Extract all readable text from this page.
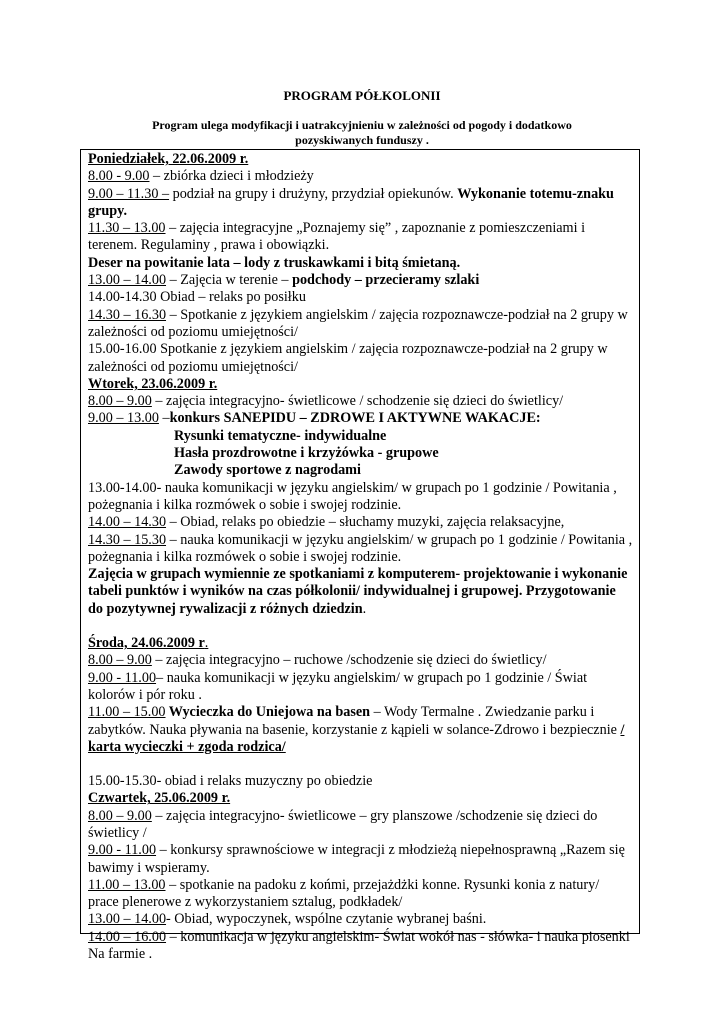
PROGRAM PÓŁKOLONII
Program ulega modyfikacji i uatrakcyjnieniu w zależności od pogody i dodatkowo
pozyskiwanych funduszy .

Poniedziałek, 22.06.2009 r.

8.00 - 9.00 – zbiórka dzieci i młodzieży

9.00 – 11.30 – podział na grupy i drużyny, przydział opiekunów. Wykonanie totemu-znaku grupy.

11.30 – 13.00 – zajęcia integracyjne „Poznajemy się” , zapoznanie z pomieszczeniami i terenem. Regulaminy , prawa i obowiązki.

Deser na powitanie lata – lody z truskawkami i bitą śmietaną.

13.00 – 14.00 – Zajęcia w terenie – podchody – przecieramy szlaki

14.00-14.30 Obiad – relaks po posiłku

14.30 – 16.30 – Spotkanie z językiem angielskim / zajęcia rozpoznawcze-podział na 2 grupy w zależności od poziomu umiejętności/

15.00-16.00 Spotkanie z językiem angielskim / zajęcia rozpoznawcze-podział na 2 grupy w zależności od poziomu umiejętności/

Wtorek, 23.06.2009 r.

8.00 – 9.00 – zajęcia integracyjno- świetlicowe / schodzenie się dzieci do świetlicy/

9.00 – 13.00 –konkurs SANEPIDU – ZDROWE I AKTYWNE WAKACJE:

Rysunki tematyczne- indywidualne

Hasła prozdrowotne i krzyżówka - grupowe

Zawody sportowe z nagrodami

13.00-14.00- nauka komunikacji w języku angielskim/ w grupach po 1 godzinie / Powitania , pożegnania i kilka rozmówek o sobie i swojej rodzinie.

14.00 – 14.30 – Obiad, relaks po obiedzie – słuchamy muzyki, zajęcia relaksacyjne,

14.30 – 15.30 – nauka komunikacji w języku angielskim/ w grupach po 1 godzinie / Powitania , pożegnania i kilka rozmówek o sobie i swojej rodzinie.

Zajęcia w grupach wymiennie ze spotkaniami z komputerem- projektowanie i wykonanie tabeli punktów i wyników na czas półkolonii/ indywidualnej i grupowej. Przygotowanie do pozytywnej rywalizacji z różnych dziedzin.

Środa, 24.06.2009 r.

8.00 – 9.00 – zajęcia integracyjno – ruchowe /schodzenie się dzieci do świetlicy/

9.00 - 11.00– nauka komunikacji w języku angielskim/ w grupach po 1 godzinie / Świat kolorów i pór roku .

11.00 – 15.00 Wycieczka do Uniejowa na basen – Wody Termalne . Zwiedzanie parku i zabytków. Nauka pływania na basenie, korzystanie z kąpieli w solance-Zdrowo i bezpiecznie / karta wycieczki + zgoda rodzica/

15.00-15.30- obiad i relaks muzyczny po obiedzie

Czwartek, 25.06.2009 r.

8.00 – 9.00 – zajęcia integracyjno- świetlicowe – gry planszowe /schodzenie się dzieci do świetlicy /

9.00 - 11.00 – konkursy sprawnościowe w integracji z młodzieżą niepełnosprawną „Razem się bawimy i wspieramy.

11.00 – 13.00 – spotkanie na padoku z końmi, przejażdżki konne. Rysunki konia z natury/ prace plenerowe z wykorzystaniem sztalug, podkładek/

13.00 – 14.00- Obiad, wypoczynek, wspólne czytanie wybranej baśni.

14.00 – 16.00 – komunikacja w języku angielskim- Świat wokół nas - słówka- i nauka piosenki Na farmie .
